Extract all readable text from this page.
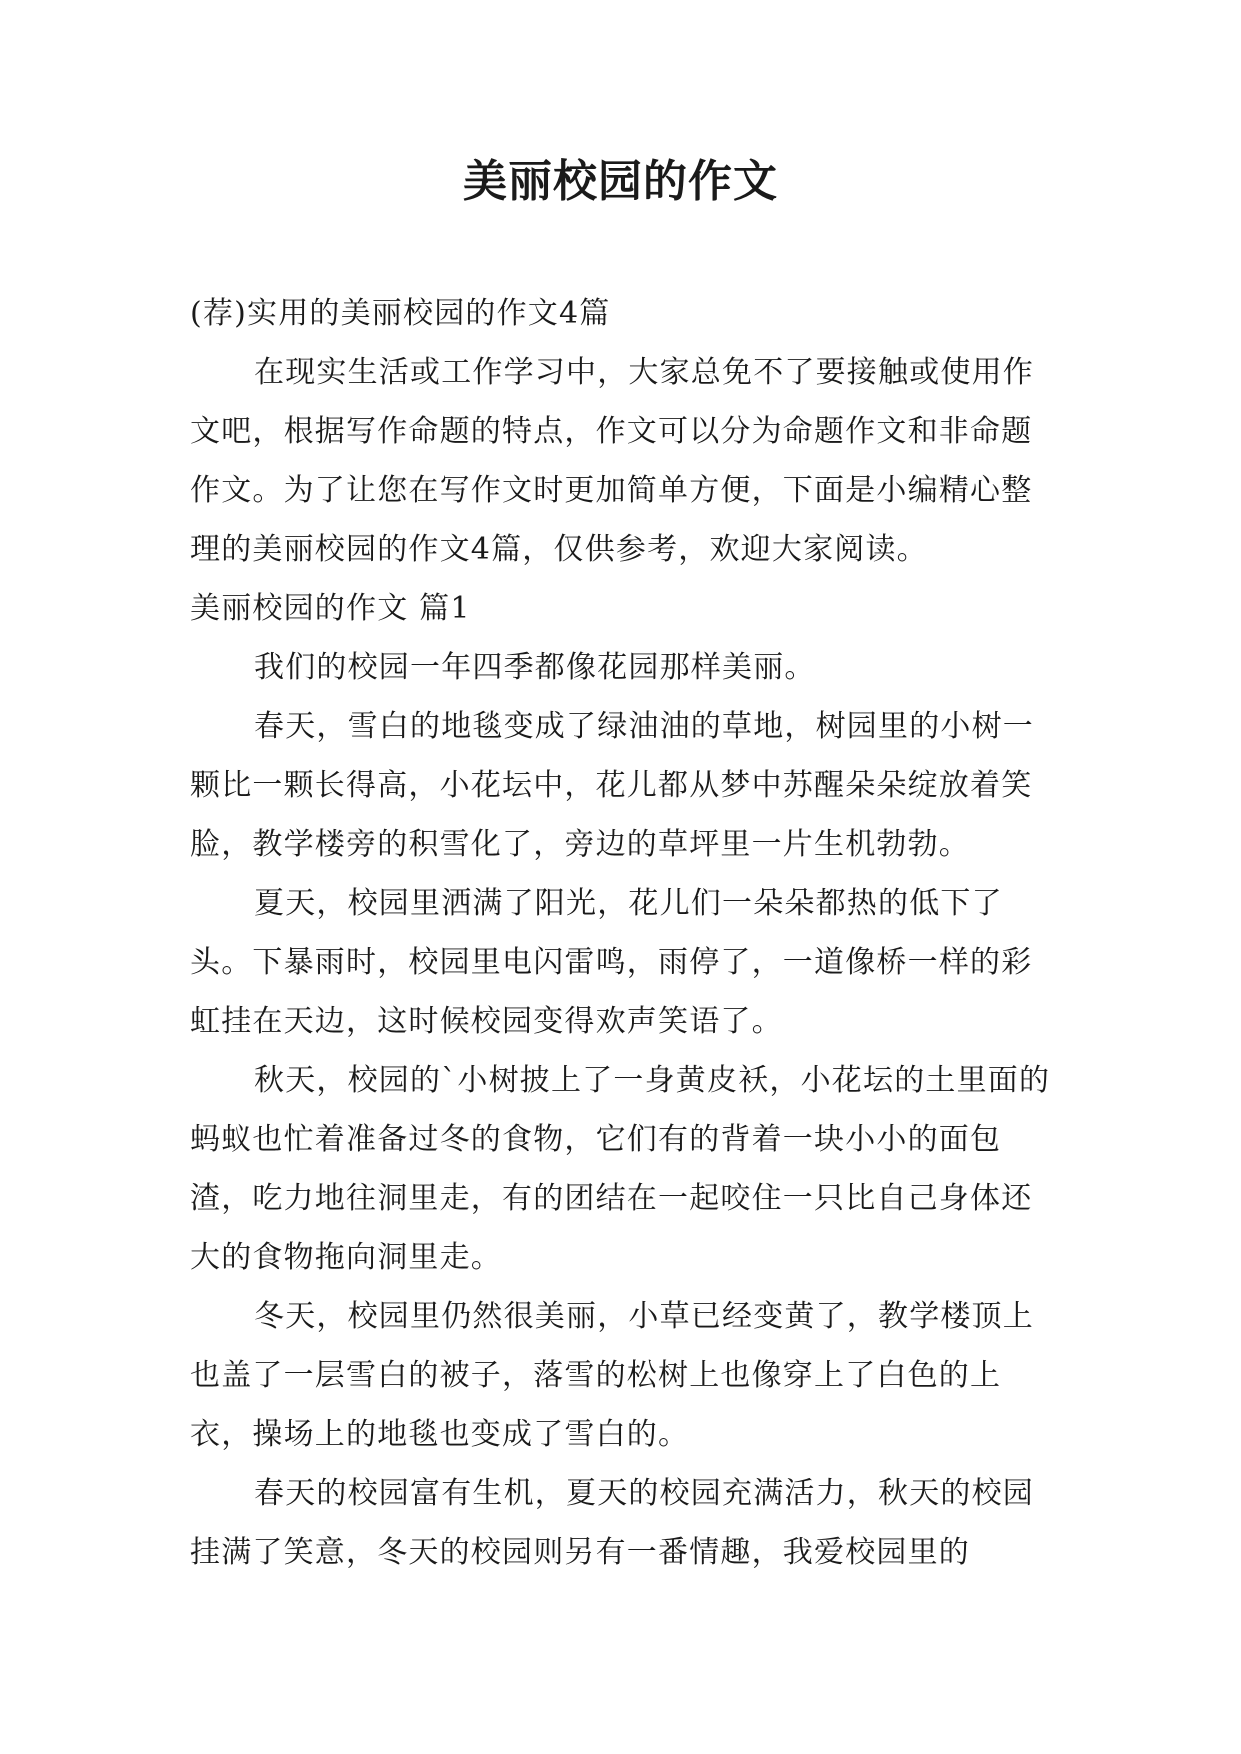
美丽校园的作文

(荐)实用的美丽校园的作文4篇

在现实生活或工作学习中，大家总免不了要接触或使用作文吧，根据写作命题的特点，作文可以分为命题作文和非命题作文。为了让您在写作文时更加简单方便，下面是小编精心整理的美丽校园的作文4篇，仅供参考，欢迎大家阅读。

美丽校园的作文 篇1

我们的校园一年四季都像花园那样美丽。

春天，雪白的地毯变成了绿油油的草地，树园里的小树一颗比一颗长得高，小花坛中，花儿都从梦中苏醒朵朵绽放着笑脸，教学楼旁的积雪化了，旁边的草坪里一片生机勃勃。

夏天，校园里洒满了阳光，花儿们一朵朵都热的低下了头。下暴雨时，校园里电闪雷鸣，雨停了，一道像桥一样的彩虹挂在天边，这时候校园变得欢声笑语了。

秋天，校园的`小树披上了一身黄皮袄，小花坛的土里面的蚂蚁也忙着准备过冬的食物，它们有的背着一块小小的面包渣，吃力地往洞里走，有的团结在一起咬住一只比自己身体还大的食物拖向洞里走。

冬天，校园里仍然很美丽，小草已经变黄了，教学楼顶上也盖了一层雪白的被子，落雪的松树上也像穿上了白色的上衣，操场上的地毯也变成了雪白的。

春天的校园富有生机，夏天的校园充满活力，秋天的校园挂满了笑意，冬天的校园则另有一番情趣，我爱校园里的
